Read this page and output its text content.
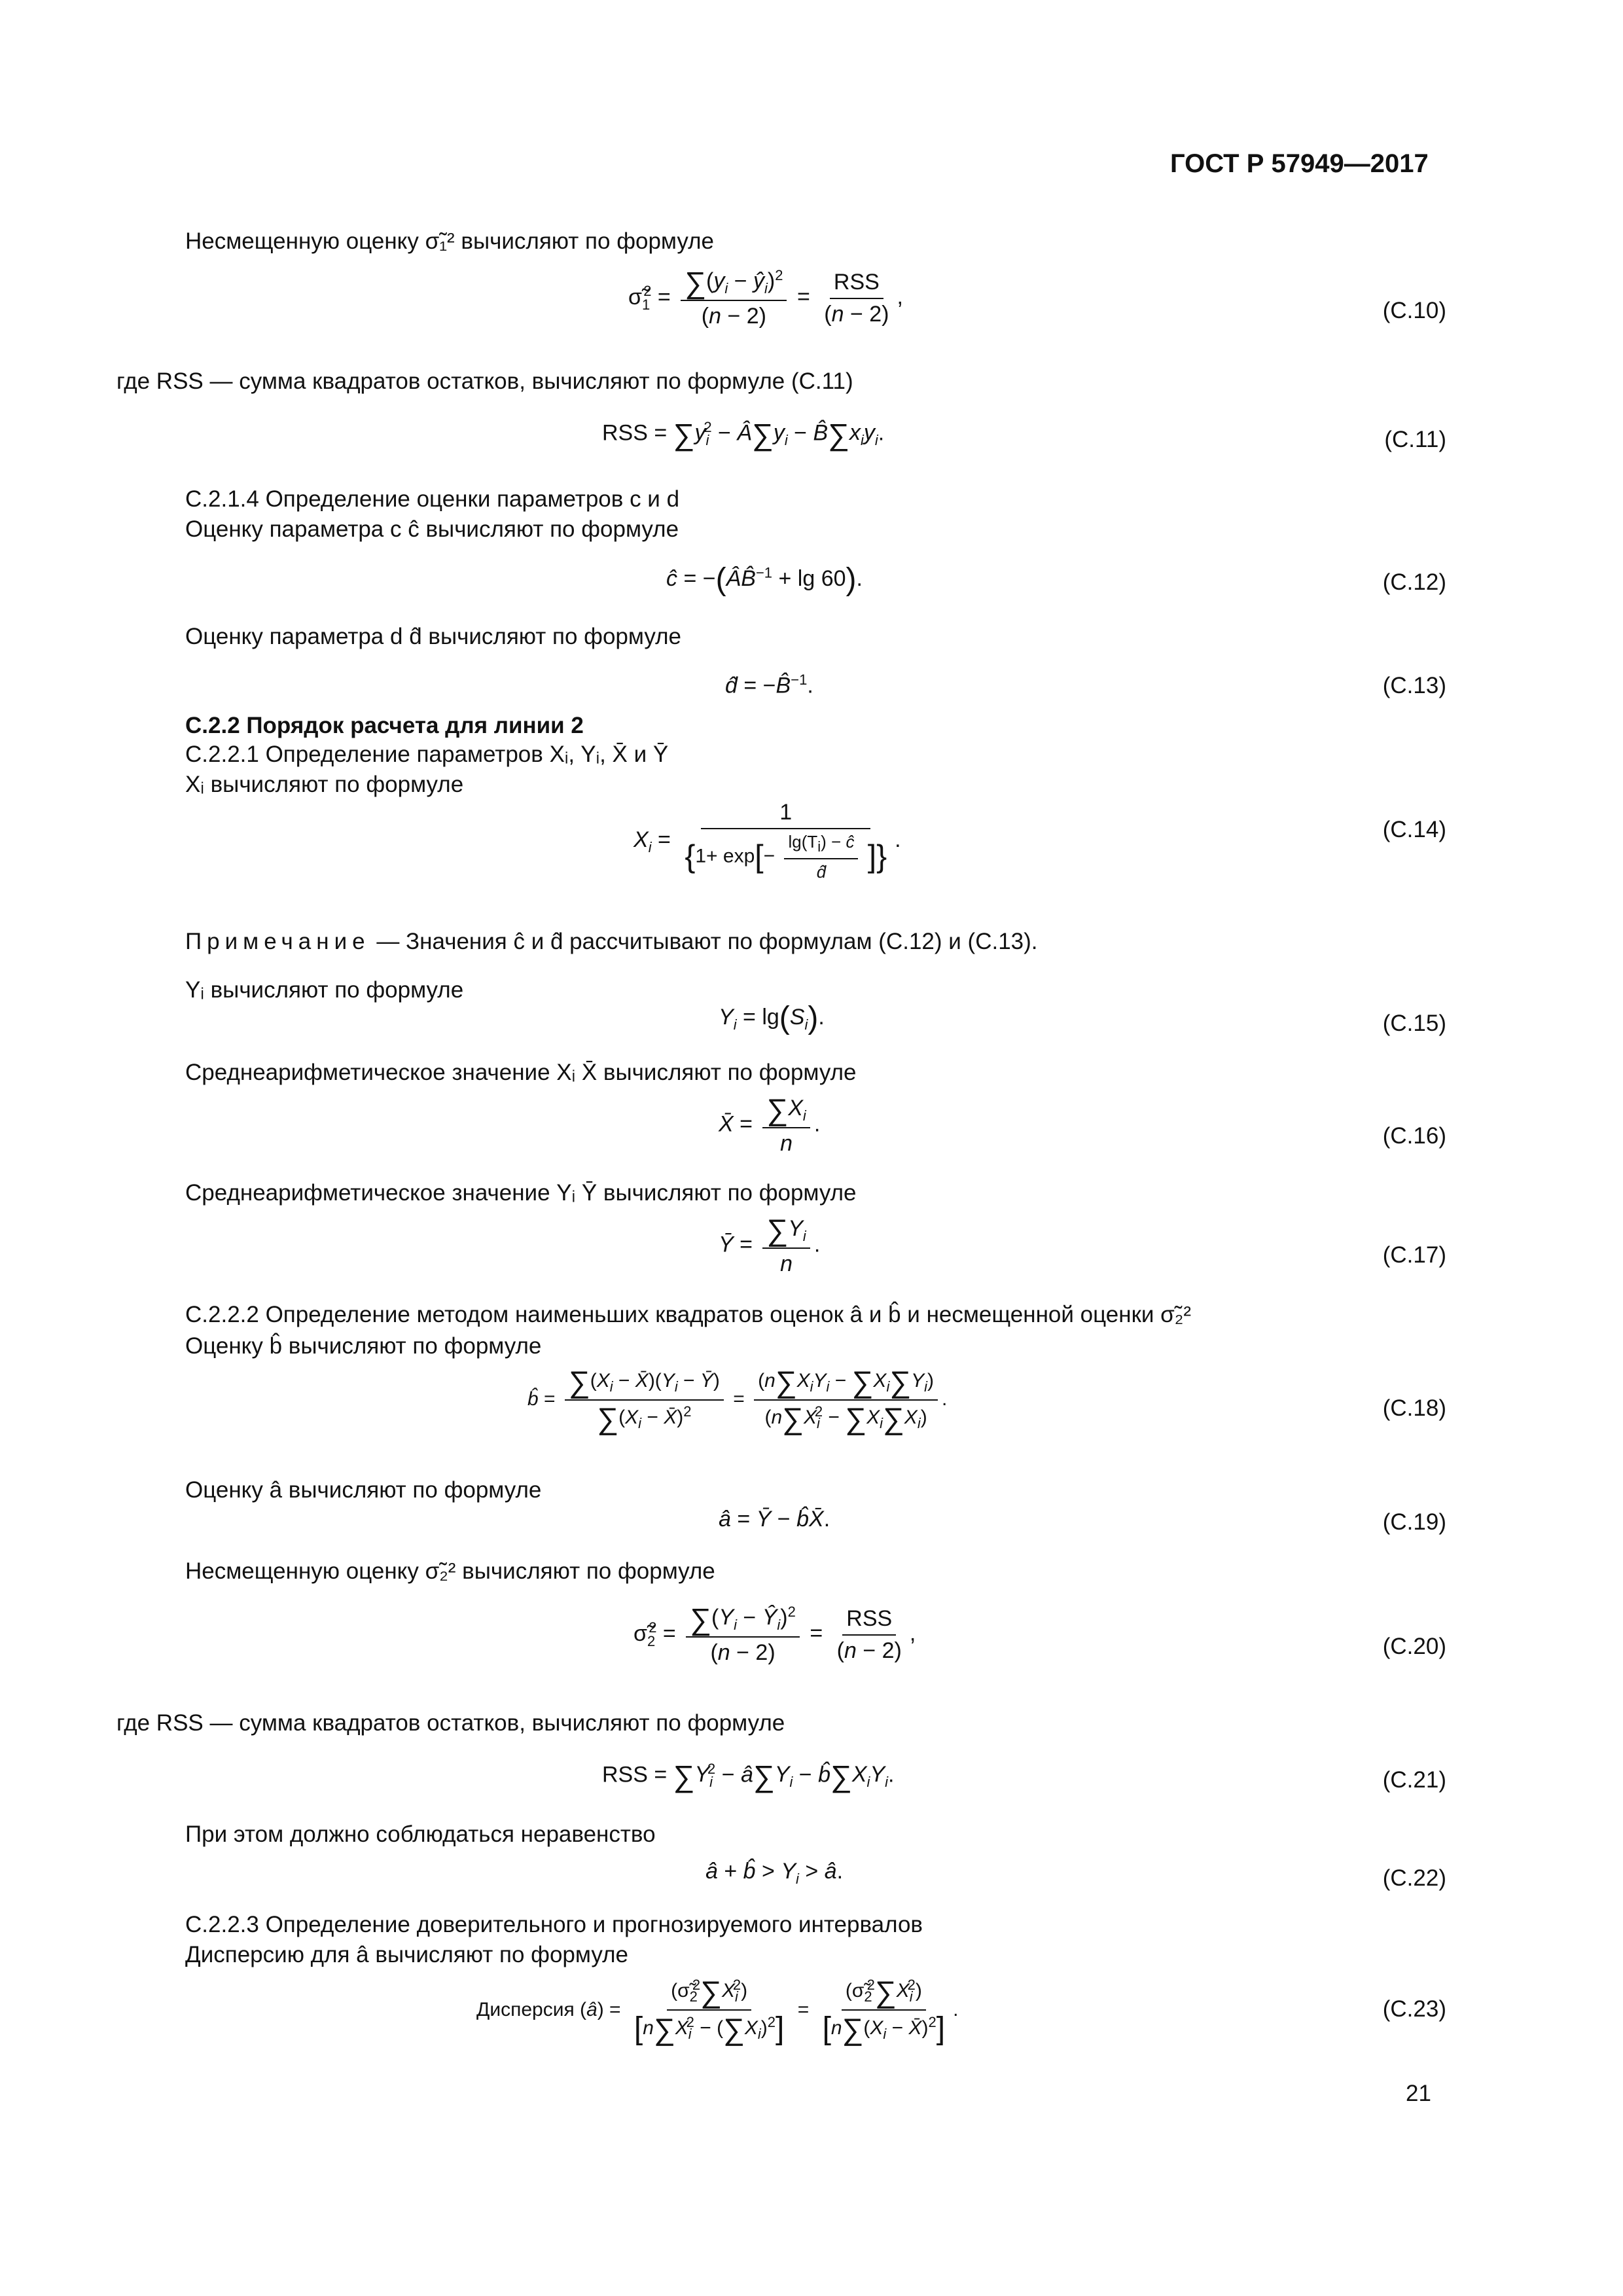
ГОСТ Р 57949—2017
Несмещенную оценку σ̃₁² вычисляют по формуле
$\sigmã_1^2 = \frac{\sum(y_i - ŷ_i)^2}{(n - 2)} = \frac{\text{RSS}}{(n - 2)}$ ,
(С.10)
где RSS — сумма квадратов остатков, вычисляют по формуле (С.11)
RSS = $\sum y_i^2$ − $Â\sum y_i$ − $B̂\sum x_iy_i$.	(С.11)
С.2.1.4 Определение оценки параметров c и d
Оценку параметра c ĉ вычисляют по формуле
ĉ = −(ÂB̂$^{-1}$ + lg 60).	(С.12)
Оценку параметра d d̂ вычисляют по формуле
d̂ = −B̂$^{-1}$.	(С.13)
С.2.2 Порядок расчета для линии 2
С.2.2.1 Определение параметров Xᵢ, Yᵢ, X̄ и Ȳ
Xᵢ вычисляют по формуле
$X_i = \frac{1}{\{1+ \exp[- \frac{\lg(T_i) - ĉ}{d̂} ]\}}$ .	(С.14)
Примечание — Значения ĉ и d̂ рассчитывают по формулам (С.12) и (С.13).
Yᵢ вычисляют по формуле
$Y_i = \lg(S_i)$.	(С.15)
Среднеарифметическое значение Xᵢ X̄ вычисляют по формуле
X̄ = $\frac{\sum X_i}{n}$ .	(С.16)
Среднеарифметическое значение Yᵢ Ȳ вычисляют по формуле
Ȳ = $\frac{\sum Y_i}{n}$ .	(С.17)
С.2.2.2 Определение методом наименьших квадратов оценок â и b̂ и несмещенной оценки σ̃₂²
Оценку b̂ вычисляют по формуле
b̂ = $\frac{\sum(X_i - X̄)(Y_i - Ȳ)}{\sum(X_i - X̄)^2} = \frac{(n\sum X_iY_i - \sum X_i\sum Y_i)}{(n\sum X_i^2 - \sum X_i\sum X_i)}$ .	(С.18)
Оценку â вычисляют по формуле
â = Ȳ − b̂X̄.	(С.19)
Несмещенную оценку σ̃₂² вычисляют по формуле
$\sigmã_2^2 = \frac{\sum(Y_i - Ŷ_i)^2}{(n - 2)} = \frac{\text{RSS}}{(n - 2)}$ ,
(С.20)
где RSS — сумма квадратов остатков, вычисляют по формуле
RSS = $\sum Y_i^2$ − $â\sum Y_i$ − $b̂\sum X_iY_i$.	(С.21)
При этом должно соблюдаться неравенство
â + b̂ > $Y_i$ > â.	(С.22)
С.2.2.3 Определение доверительного и прогнозируемого интервалов
Дисперсию для â вычисляют по формуле
Дисперсия (â) = $\frac{(\sigmã_2^2\sum X_i^2)}{[n\sum X_i^2 - (\sum X_i)^2]} = \frac{(\sigmã_2^2\sum X_i^2)}{[n\sum(X_i - X̄)^2]}$ .	(С.23)
21
